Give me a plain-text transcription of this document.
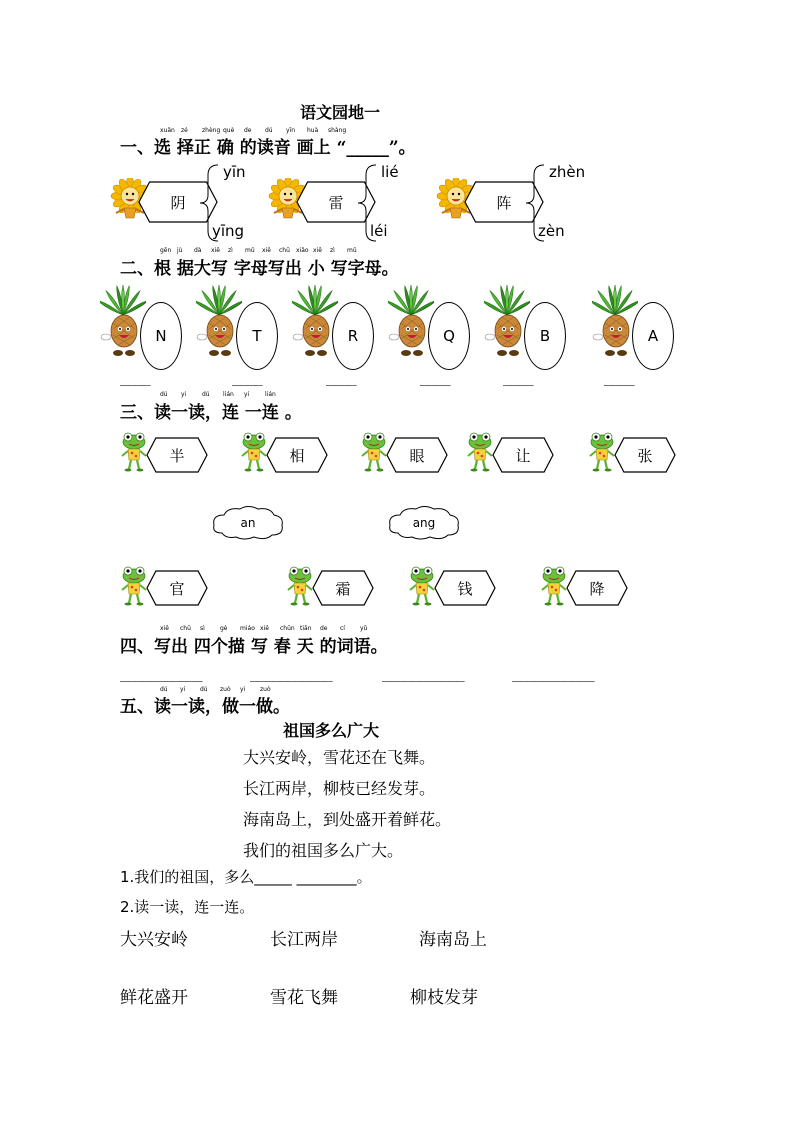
语文园地一
一、选 择正 确 的读音 画上 “_____”。
xuǎn zé zhèng què de dú yīn huà shàng
阴
yīn
yīng
雷
lié
léi
阵
zhèn
zèn
二、根 据大写 字母写出 小 写字母。
gēn jù dà xiě zì mǔ xiě chū xiǎo xiě zì mǔ
N
____
T
____
R
____
Q
____
B
____
A
____
三、读一读，连 一连 。
dú yi	dú lián yi	lián
半	相	眼	让	张
an	ang
官	霜	钱	降
四、写出 四个描 写 春 天 的词语。
xiě chū sì	gè miáo xiě chūn tiān de cí	yǔ
___________	___________	___________	___________
五、读一读，做一做。
dú yi dú zuò yi zuò
祖国多么广大
大兴安岭，雪花还在飞舞。
长江两岸，柳枝已经发芽。
海南岛上，到处盛开着鲜花。
我们的祖国多么广大。
1.我们的祖国，多么_____ ________。
2.读一读，连一连。
大兴安岭	长江两岸	海南岛上
鲜花盛开	雪花飞舞	柳枝发芽
